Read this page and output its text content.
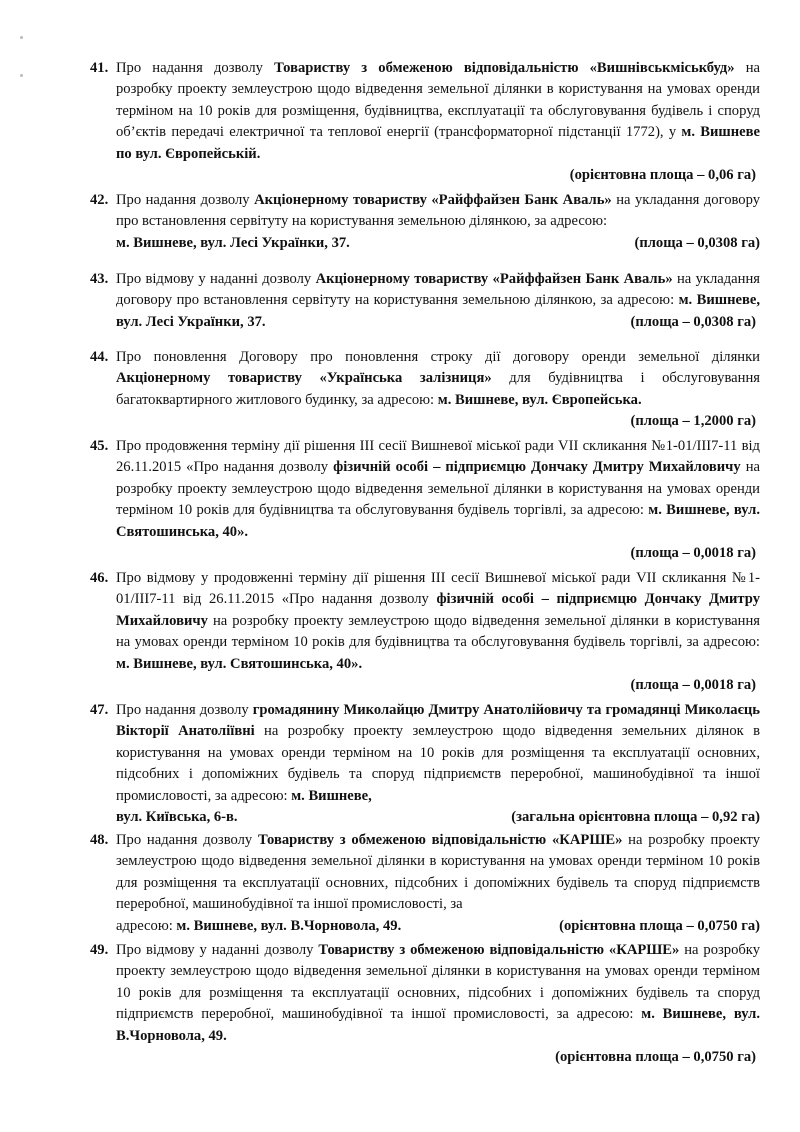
41. Про надання дозволу Товариству з обмеженою відповідальністю «Вишнівськміськбуд» на розробку проекту землеустрою щодо відведення земельної ділянки в користування на умовах оренди терміном на 10 років для розміщення, будівництва, експлуатації та обслуговування будівель і споруд об’єктів передачі електричної та теплової енергії (трансформаторної підстанції 1772), у м. Вишневе по вул. Європейській.
(орієнтовна площа – 0,06 га)
42. Про надання дозволу Акціонерному товариству «Райффайзен Банк Аваль» на укладання договору про встановлення сервітуту на користування земельною ділянкою, за адресою:
м. Вишневе, вул. Лесі Українки, 37.	(площа – 0,0308 га)
43. Про відмову у наданні дозволу Акціонерному товариству «Райффайзен Банк Аваль» на укладання договору про встановлення сервітуту на користування земельною ділянкою, за адресою: м. Вишневе, вул. Лесі Українки, 37.	(площа – 0,0308 га)
44. Про поновлення Договору про поновлення строку дії договору оренди земельної ділянки Акціонерному товариству «Українська залізниця» для будівництва і обслуговування багатоквартирного житлового будинку, за адресою: м. Вишневе, вул. Європейська.
(площа – 1,2000 га)
45. Про продовження терміну дії рішення III сесії Вишневої міської ради VII скликання №1-01/III7-11 від 26.11.2015 «Про надання дозволу фізичній особі – підприємцю Дончаку Дмитру Михайловичу на розробку проекту землеустрою щодо відведення земельної ділянки в користування на умовах оренди терміном 10 років для будівництва та обслуговування будівель торгівлі, за адресою: м. Вишневе, вул. Святошинська, 40».
(площа – 0,0018 га)
46. Про відмову у продовженні терміну дії рішення III сесії Вишневої міської ради VII скликання №1-01/III7-11 від 26.11.2015 «Про надання дозволу фізичній особі – підприємцю Дончаку Дмитру Михайловичу на розробку проекту землеустрою щодо відведення земельної ділянки в користування на умовах оренди терміном 10 років для будівництва та обслуговування будівель торгівлі, за адресою: м. Вишневе, вул. Святошинська, 40».
(площа – 0,0018 га)
47. Про надання дозволу громадянину Миколайцю Дмитру Анатолійовичу та громадянці Миколаєць Вікторії Анатоліївні на розробку проекту землеустрою щодо відведення земельних ділянок в користування на умовах оренди терміном на 10 років для розміщення та експлуатації основних, підсобних і допоміжних будівель та споруд підприємств переробної, машинобудівної та іншої промисловості, за адресою: м. Вишневе,
вул. Київська, 6-в.	(загальна орієнтовна площа – 0,92 га)
48. Про надання дозволу Товариству з обмеженою відповідальністю «КАРШЕ» на розробку проекту землеустрою щодо відведення земельної ділянки в користування на умовах оренди терміном 10 років для розміщення та експлуатації основних, підсобних і допоміжних будівель та споруд підприємств переробної, машинобудівної та іншої промисловості, за
адресою: м. Вишневе, вул. В.Чорновола, 49.	(орієнтовна площа – 0,0750 га)
49. Про відмову у наданні дозволу Товариству з обмеженою відповідальністю «КАРШЕ» на розробку проекту землеустрою щодо відведення земельної ділянки в користування на умовах оренди терміном 10 років для розміщення та експлуатації основних, підсобних і допоміжних будівель та споруд підприємств переробної, машинобудівної та іншої промисловості, за адресою: м. Вишневе, вул. В.Чорновола, 49.
(орієнтовна площа – 0,0750 га)
